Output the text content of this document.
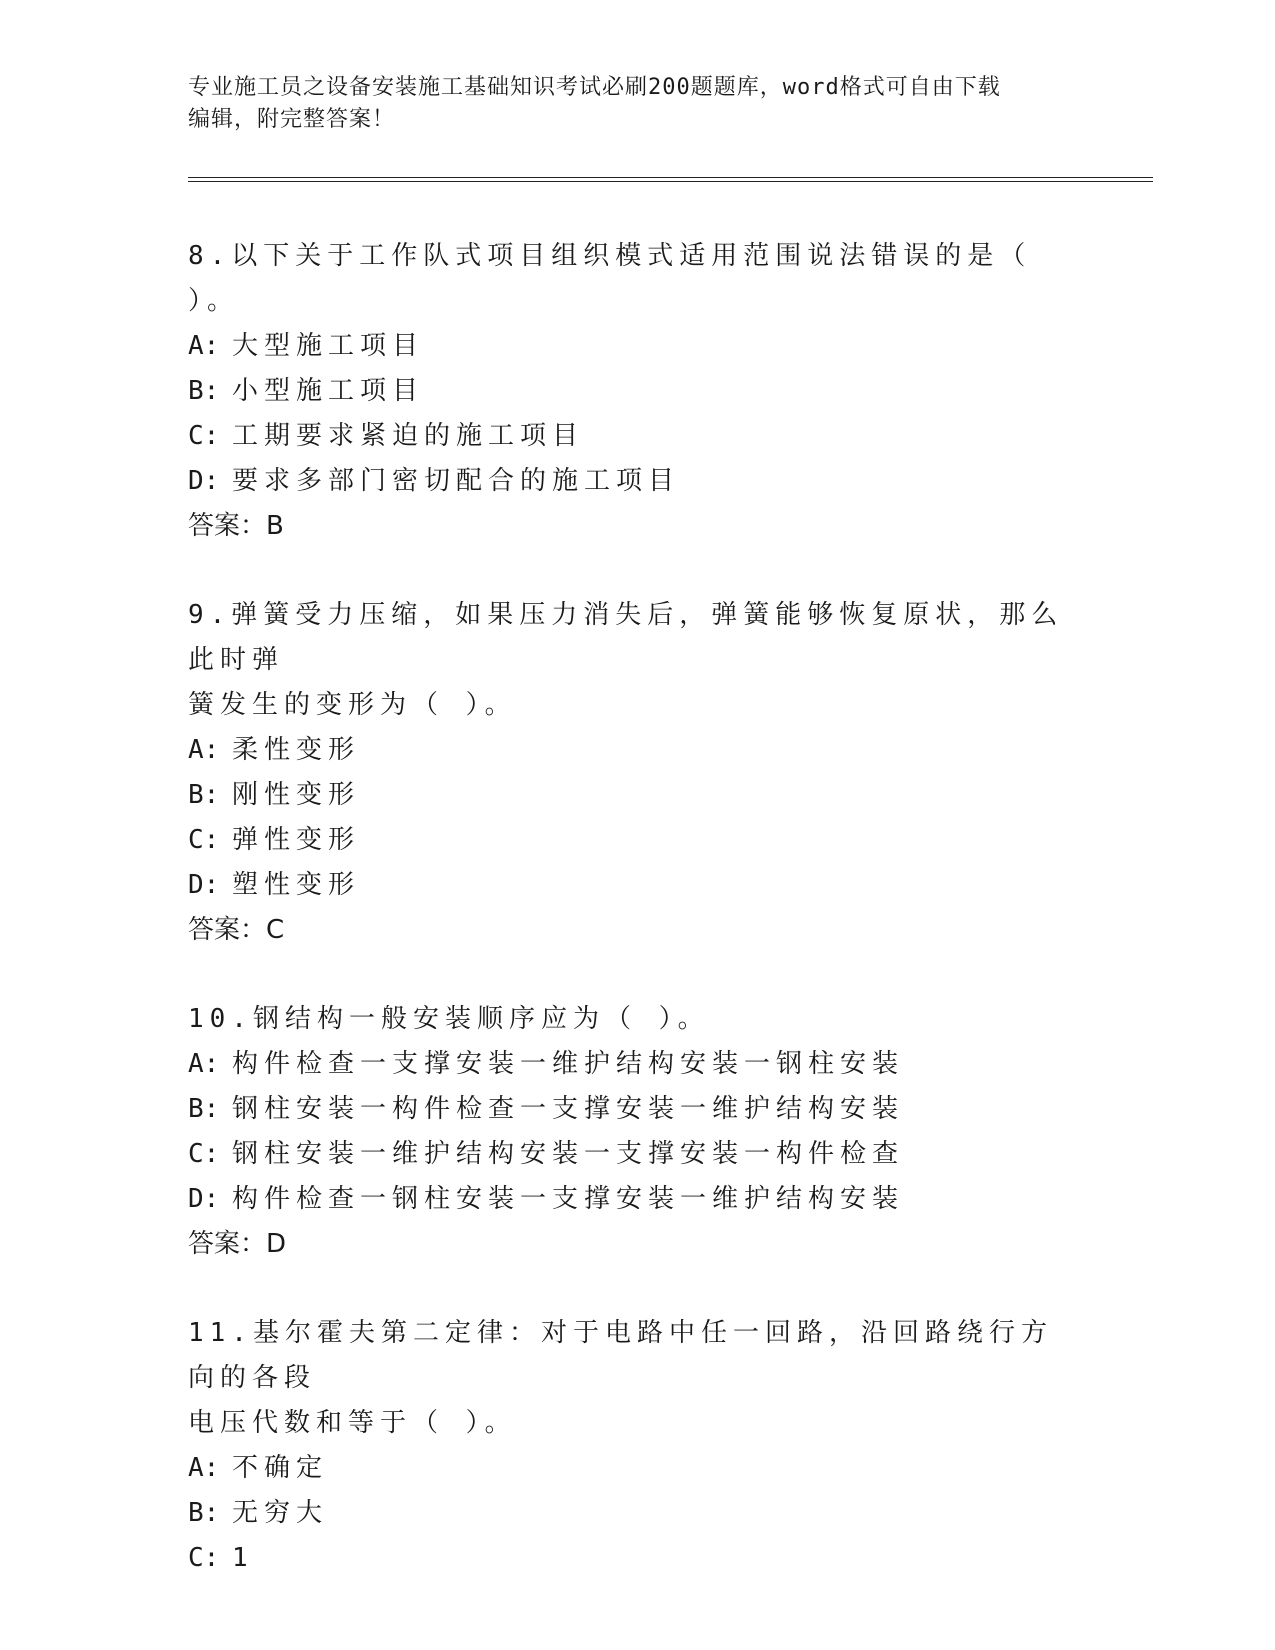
专业施工员之设备安装施工基础知识考试必刷200题题库，word格式可自由下载
编辑，附完整答案！
8.以下关于工作队式项目组织模式适用范围说法错误的是（ ）。
A: 大型施工项目
B: 小型施工项目
C: 工期要求紧迫的施工项目
D: 要求多部门密切配合的施工项目
答案：B
9.弹簧受力压缩，如果压力消失后，弹簧能够恢复原状，那么此时弹
簧发生的变形为（ ）。
A: 柔性变形
B: 刚性变形
C: 弹性变形
D: 塑性变形
答案：C
10.钢结构一般安装顺序应为（ ）。
A: 构件检查一支撑安装一维护结构安装一钢柱安装
B: 钢柱安装一构件检查一支撑安装一维护结构安装
C: 钢柱安装一维护结构安装一支撑安装一构件检查
D: 构件检查一钢柱安装一支撑安装一维护结构安装
答案：D
11.基尔霍夫第二定律：对于电路中任一回路，沿回路绕行方向的各段
电压代数和等于（ ）。
A: 不确定
B: 无穷大
C: 1
